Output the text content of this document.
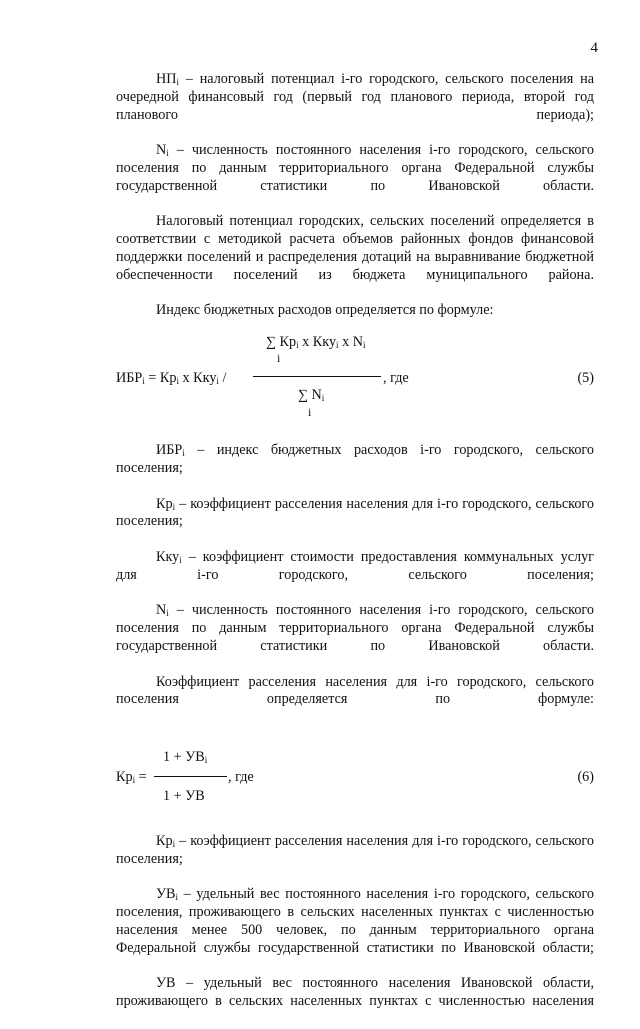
4

$НП_i$ – налоговый потенциал i-го городского, сельского поселения на очередной финансовый год (первый год планового периода, второй год планового периода);

$N_i$ – численность постоянного населения i-го городского, сельского поселения по данным территориального органа Федеральной службы государственной статистики по Ивановской области.

Налоговый потенциал городских, сельских поселений определяется в соответствии с методикой расчета объемов районных фондов финансовой поддержки поселений и распределения дотаций на выравнивание бюджетной обеспеченности поселений из бюджета муниципального района.

Индекс бюджетных расходов определяется по формуле:

∑ $Кр_i$ х Кку$_i$ х $N_i$
i
$ИБР_i = Кр_i$ х Кку$_i$ /	, где	(5)
∑ $N_i$
i

$ИБР_i$ – индекс бюджетных расходов i-го городского, сельского поселения;

$Кр_i$ – коэффициент расселения населения для i-го городского, сельского поселения;

Кку$_i$ – коэффициент стоимости предоставления коммунальных услуг для i-го городского, сельского поселения;

$N_i$ – численность постоянного населения i-го городского, сельского поселения по данным территориального органа Федеральной службы государственной статистики по Ивановской области.

Коэффициент расселения населения для i-го городского, сельского поселения определяется по формуле:

$1 + УВ_i$
$Кр_i$ =	, где	(6)
1 + УВ

$Кр_i$ – коэффициент расселения населения для i-го городского, сельского поселения;

$УВ_i$ – удельный вес постоянного населения i-го городского, сельского поселения, проживающего в сельских населенных пунктах с численностью населения менее 500 человек, по данным территориального органа Федеральной службы государственной статистики по Ивановской области;

УВ – удельный вес постоянного населения Ивановской области, проживающего в сельских населенных пунктах с численностью населения
